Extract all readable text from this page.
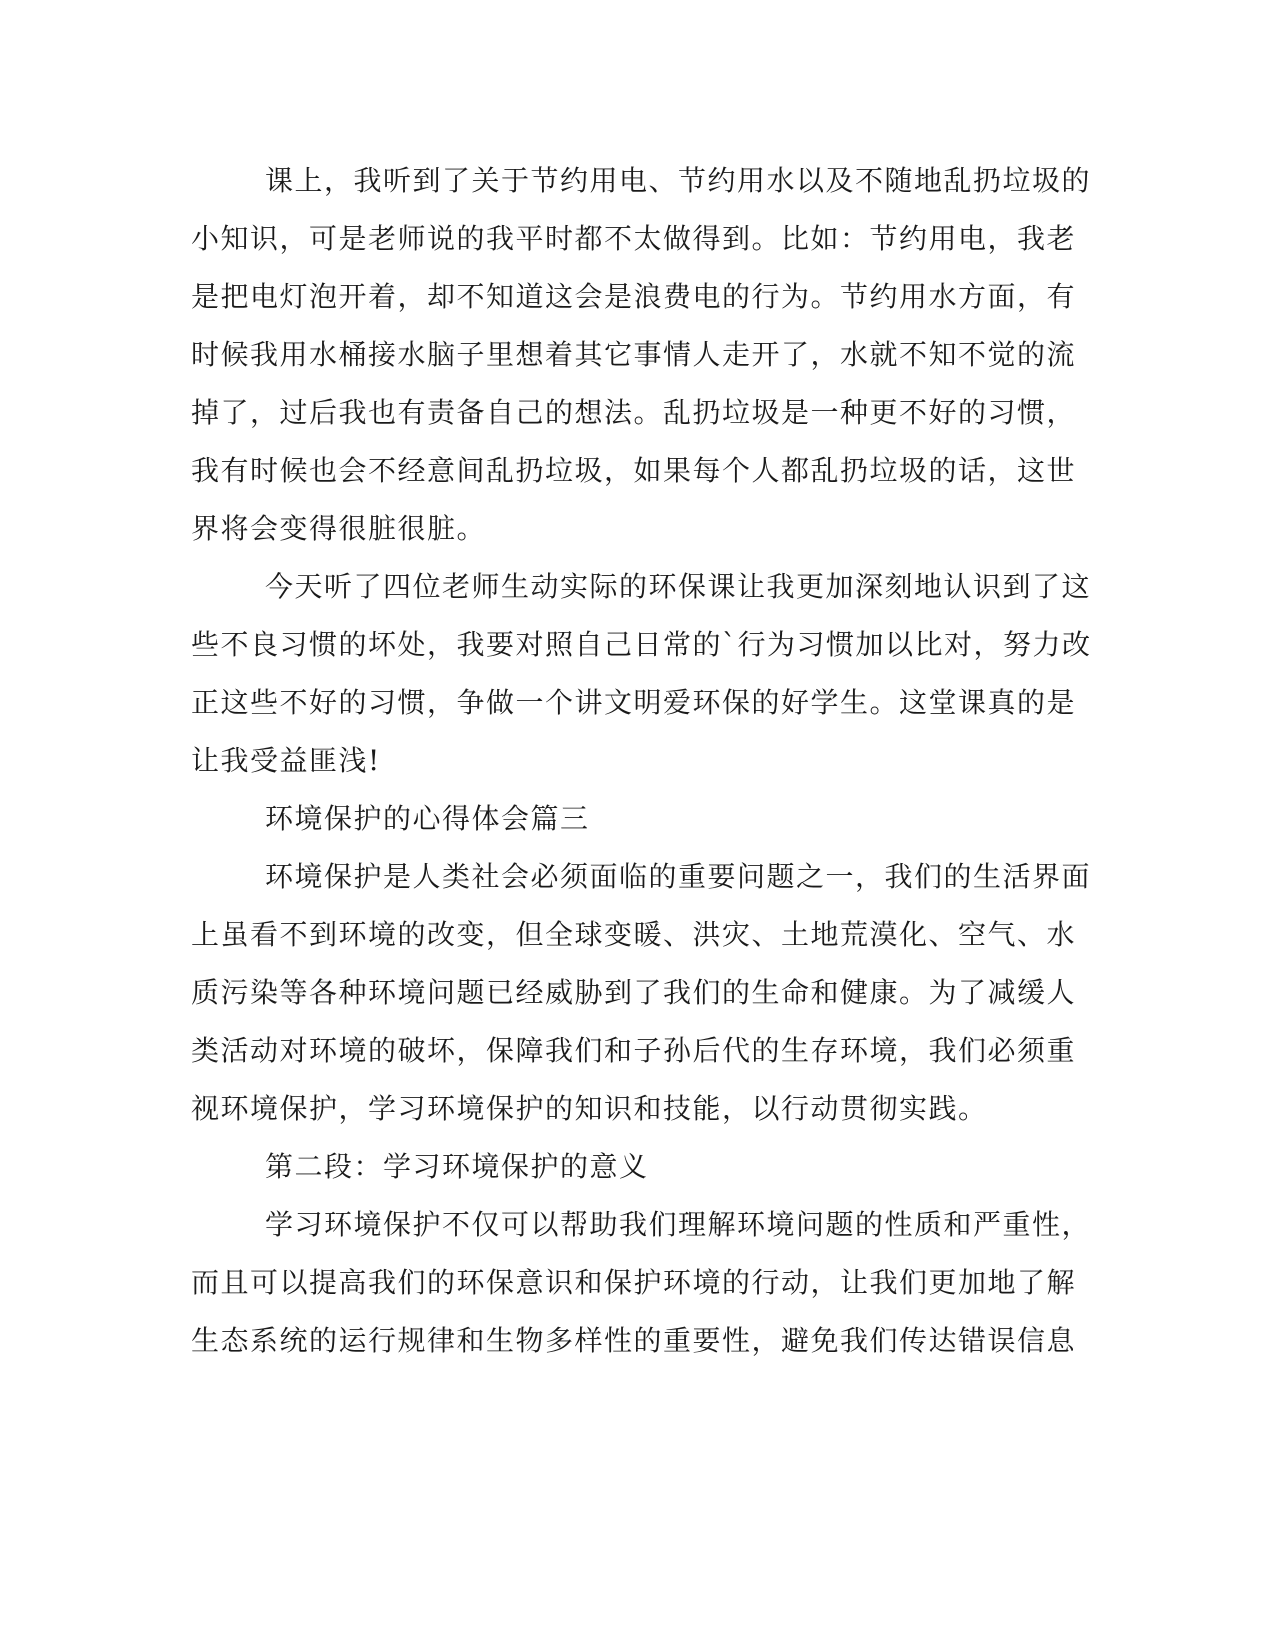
课上，我听到了关于节约用电、节约用水以及不随地乱扔垃圾的
小知识，可是老师说的我平时都不太做得到。比如：节约用电，我老
是把电灯泡开着，却不知道这会是浪费电的行为。节约用水方面，有
时候我用水桶接水脑子里想着其它事情人走开了，水就不知不觉的流
掉了，过后我也有责备自己的想法。乱扔垃圾是一种更不好的习惯，
我有时候也会不经意间乱扔垃圾，如果每个人都乱扔垃圾的话，这世
界将会变得很脏很脏。
今天听了四位老师生动实际的环保课让我更加深刻地认识到了这
些不良习惯的坏处，我要对照自己日常的`行为习惯加以比对，努力改
正这些不好的习惯，争做一个讲文明爱环保的好学生。这堂课真的是
让我受益匪浅!
环境保护的心得体会篇三
环境保护是人类社会必须面临的重要问题之一，我们的生活界面
上虽看不到环境的改变，但全球变暖、洪灾、土地荒漠化、空气、水
质污染等各种环境问题已经威胁到了我们的生命和健康。为了减缓人
类活动对环境的破坏，保障我们和子孙后代的生存环境，我们必须重
视环境保护，学习环境保护的知识和技能，以行动贯彻实践。
第二段：学习环境保护的意义
学习环境保护不仅可以帮助我们理解环境问题的性质和严重性，
而且可以提高我们的环保意识和保护环境的行动，让我们更加地了解
生态系统的运行规律和生物多样性的重要性，避免我们传达错误信息
